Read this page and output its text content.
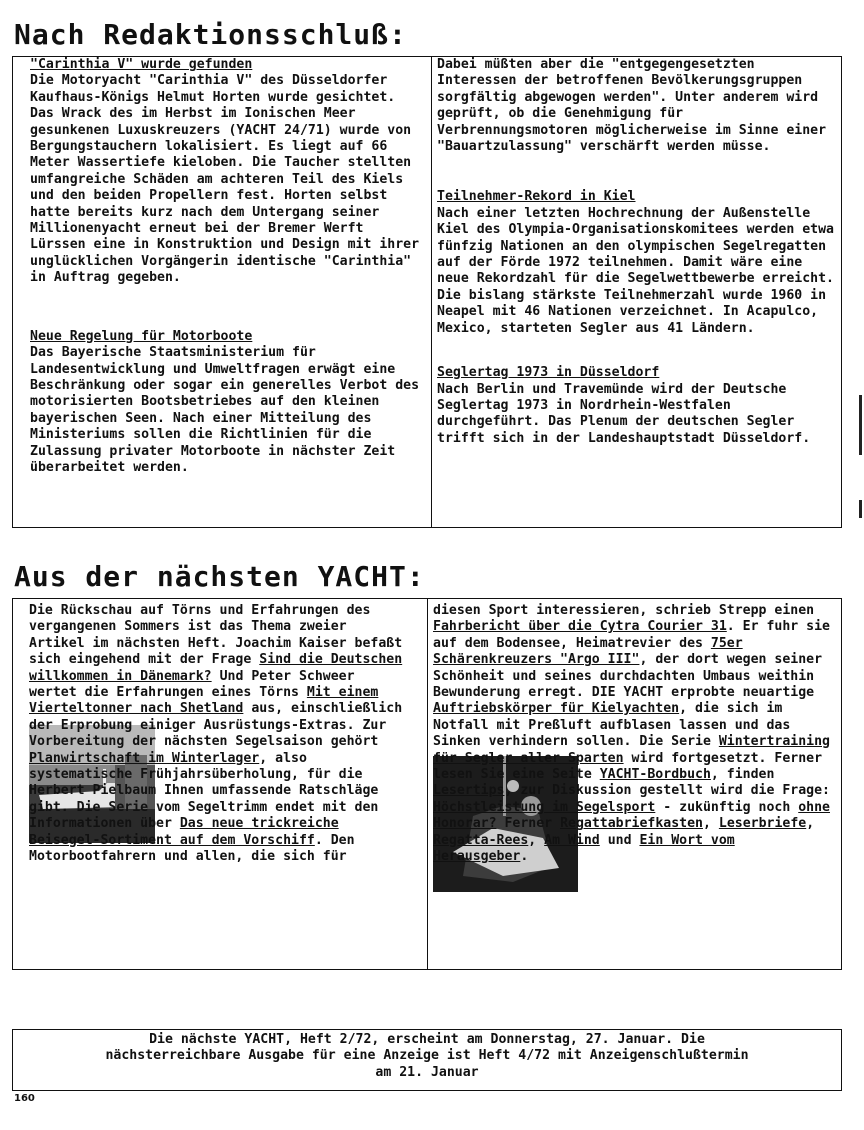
Nach Redaktionsschluß:

"Carinthia V" wurde gefunden

Die Motoryacht "Carinthia V" des Düsseldorfer Kaufhaus-Königs Helmut Horten wurde gesichtet. Das Wrack des im Herbst im Ionischen Meer gesunkenen Luxuskreuzers (YACHT 24/71) wurde von Bergungstauchern lokalisiert. Es liegt auf 66 Meter Wassertiefe kieloben. Die Taucher stellten umfangreiche Schäden am achteren Teil des Kiels und den beiden Propellern fest. Horten selbst hatte bereits kurz nach dem Untergang seiner Millionenyacht erneut bei der Bremer Werft Lürssen eine in Konstruktion und Design mit ihrer unglücklichen Vorgängerin identische "Carinthia" in Auftrag gegeben.

Neue Regelung für Motorboote

Das Bayerische Staatsministerium für Landesentwicklung und Umweltfragen erwägt eine Beschränkung oder sogar ein generelles Verbot des motorisierten Bootsbetriebes auf den kleinen bayerischen Seen. Nach einer Mitteilung des Ministeriums sollen die Richtlinien für die Zulassung privater Motorboote in nächster Zeit überarbeitet werden.

Dabei müßten aber die "entgegengesetzten Interessen der betroffenen Bevölkerungsgruppen sorgfältig abgewogen werden". Unter anderem wird geprüft, ob die Genehmigung für Verbrennungsmotoren möglicherweise im Sinne einer "Bauartzulassung" verschärft werden müsse.

Teilnehmer-Rekord in Kiel

Nach einer letzten Hochrechnung der Außenstelle Kiel des Olympia-Organisationskomitees werden etwa fünfzig Nationen an den olympischen Segelregatten auf der Förde 1972 teilnehmen. Damit wäre eine neue Rekordzahl für die Segelwettbewerbe erreicht.

Die bislang stärkste Teilnehmerzahl wurde 1960 in Neapel mit 46 Nationen verzeichnet. In Acapulco, Mexico, starteten Segler aus 41 Ländern.

Seglertag 1973 in Düsseldorf

Nach Berlin und Travemünde wird der Deutsche Seglertag 1973 in Nordrhein-Westfalen durchgeführt. Das Plenum der deutschen Segler trifft sich in der Landeshauptstadt Düsseldorf.

Aus der nächsten YACHT:

Die Rückschau auf Törns und Erfahrungen des vergangenen Sommers ist das Thema zweier Artikel im nächsten Heft. Joachim Kaiser befaßt sich eingehend mit der Frage Sind die Deutschen willkommen in Dänemark? Und Peter Schweer wertet die Erfahrungen eines Törns Mit einem Vierteltonner nach Shetland aus, einschließlich der Erprobung einiger Ausrüstungs-Extras. Zur Vorbereitung der nächsten Segelsaison gehört Planwirtschaft im Winterlager, also systematische Frühjahrsüberholung, für die Herbert Pielbaum Ihnen umfassende Ratschläge gibt. Die Serie vom Segeltrimm endet mit den Informationen über Das neue trickreiche Beisegel-Sortiment auf dem Vorschiff. Den Motorbootfahrern und allen, die sich für

diesen Sport interessieren, schrieb Strepp einen Fahrbericht über die Cytra Courier 31. Er fuhr sie auf dem Bodensee, Heimatrevier des 75er Schärenkreuzers "Argo III", der dort wegen seiner Schönheit und seines durchdachten Umbaus weithin Bewunderung erregt. DIE YACHT erprobte neuartige Auftriebskörper für Kielyachten, die sich im Notfall mit Preßluft aufblasen lassen und das Sinken verhindern sollen. Die Serie Wintertraining für Segler aller Sparten wird fortgesetzt. Ferner lesen Sie eine Seite YACHT-Bordbuch, finden Lesertips, zur Diskussion gestellt wird die Frage: Höchstleistung im Segelsport - zukünftig noch ohne Honorar? Ferner Regattabriefkasten, Leserbriefe, Regatta-Rees, Am Wind und Ein Wort vom Herausgeber.

Die nächste YACHT, Heft 2/72, erscheint am Donnerstag, 27. Januar. Die
nächsterreichbare Ausgabe für eine Anzeige ist Heft 4/72 mit Anzeigenschlußtermin
am 21. Januar
160
